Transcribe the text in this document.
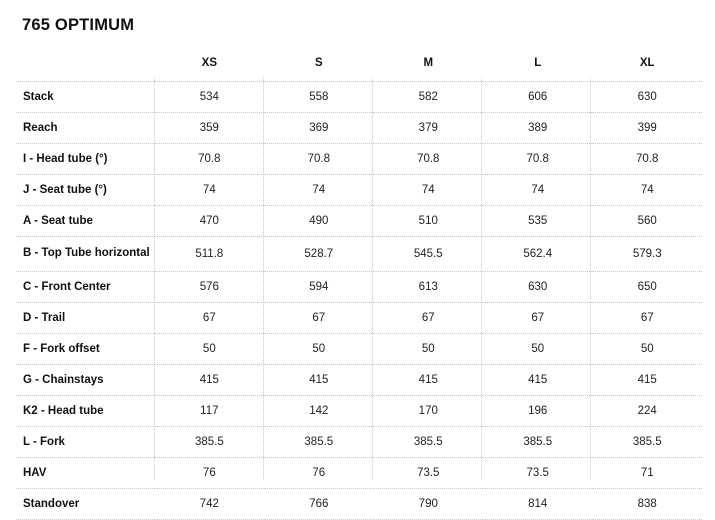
765 OPTIMUM
	XS	S	M	L	XL
Stack	534	558	582	606	630
Reach	359	369	379	389	399
I - Head tube (°)	70.8	70.8	70.8	70.8	70.8
J - Seat tube (°)	74	74	74	74	74
A - Seat tube	470	490	510	535	560
B - Top Tube horizontal	511.8	528.7	545.5	562.4	579.3
C - Front Center	576	594	613	630	650
D - Trail	67	67	67	67	67
F - Fork offset	50	50	50	50	50
G - Chainstays	415	415	415	415	415
K2 - Head tube	117	142	170	196	224
L - Fork	385.5	385.5	385.5	385.5	385.5
HAV	76	76	73.5	73.5	71
Standover	742	766	790	814	838
